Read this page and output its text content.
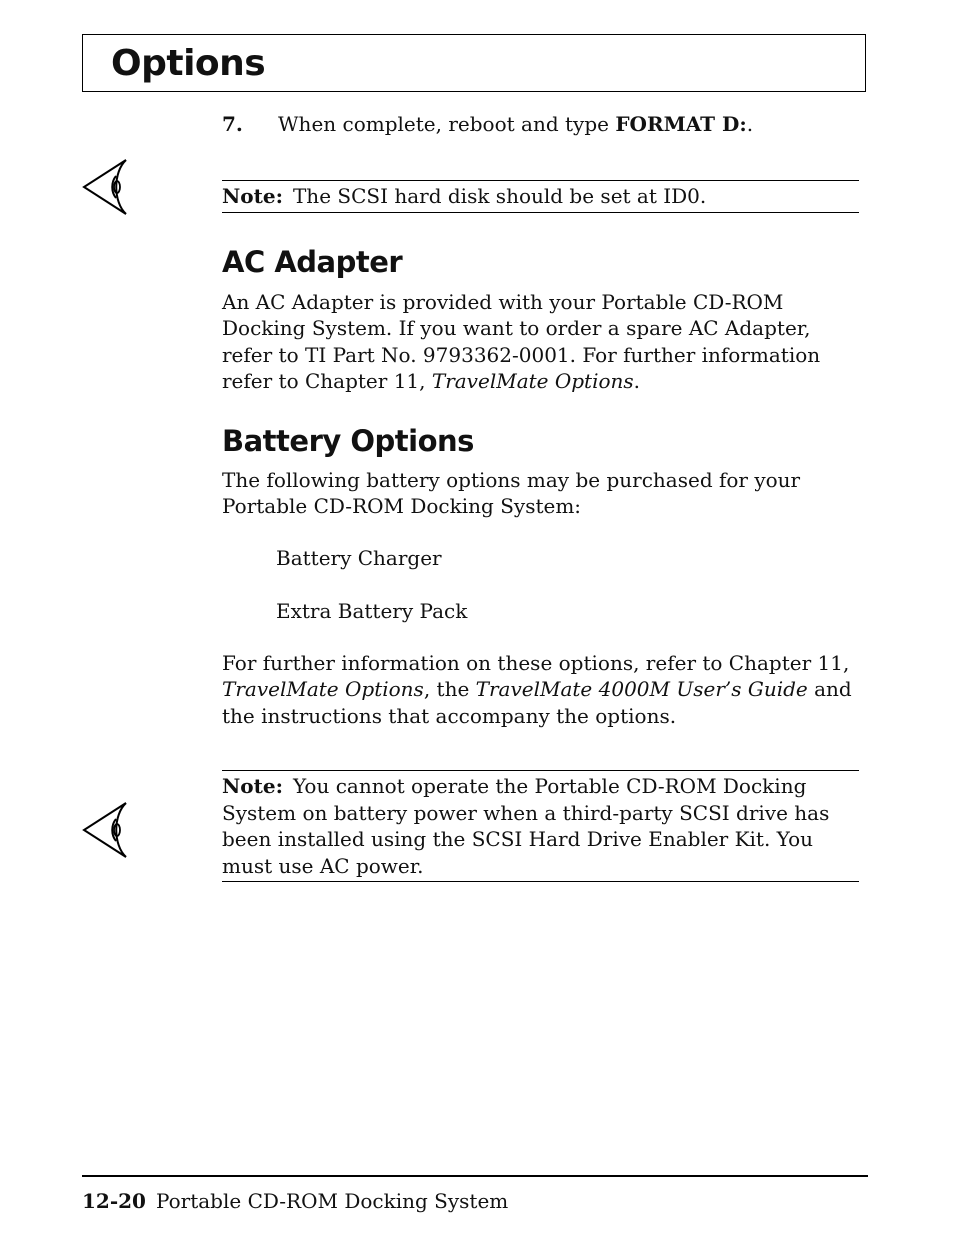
Options
7. When complete, reboot and type FORMAT D:.
Note: The SCSI hard disk should be set at ID0.
AC Adapter
An AC Adapter is provided with your Portable CD-ROM Docking System. If you want to order a spare AC Adapter, refer to TI Part No. 9793362-0001. For further information refer to Chapter 11, TravelMate Options.
Battery Options
The following battery options may be purchased for your Portable CD-ROM Docking System:
Battery Charger
Extra Battery Pack
For further information on these options, refer to Chapter 11, TravelMate Options, the TravelMate 4000M User’s Guide and the instructions that accompany the options.
Note: You cannot operate the Portable CD-ROM Docking System on battery power when a third-party SCSI drive has been installed using the SCSI Hard Drive Enabler Kit. You must use AC power.
12-20 Portable CD-ROM Docking System
